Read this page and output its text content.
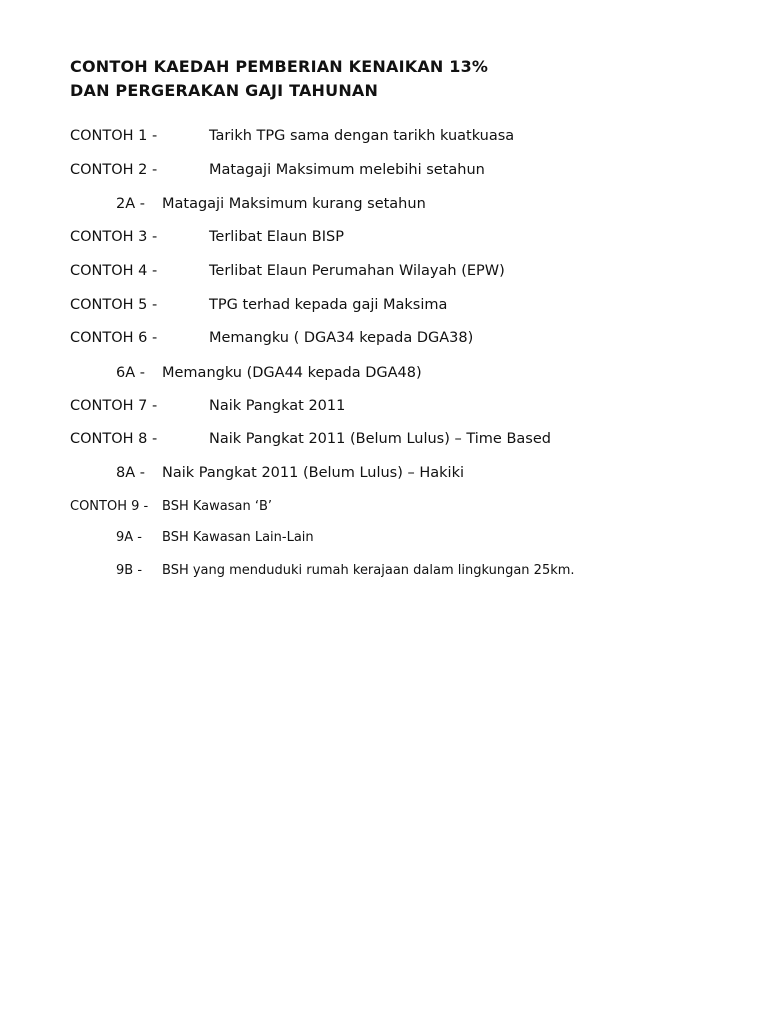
CONTOH KAEDAH PEMBERIAN KENAIKAN 13%
DAN PERGERAKAN GAJI TAHUNAN
CONTOH 1 -	Tarikh TPG sama dengan tarikh kuatkuasa
CONTOH 2 -	Matagaji Maksimum melebihi setahun
2A - Matagaji Maksimum kurang setahun
CONTOH 3 -	Terlibat Elaun BISP
CONTOH 4 -	Terlibat Elaun Perumahan Wilayah (EPW)
CONTOH 5 -	TPG terhad kepada gaji Maksima
CONTOH 6 -	Memangku ( DGA34 kepada DGA38)
6A - Memangku (DGA44 kepada DGA48)
CONTOH 7 -	Naik Pangkat 2011
CONTOH 8 -	Naik Pangkat 2011 (Belum Lulus) – Time Based
8A - Naik Pangkat 2011 (Belum Lulus) – Hakiki
CONTOH 9 - BSH Kawasan ‘B’
9A - BSH Kawasan Lain-Lain
9B - BSH yang menduduki rumah kerajaan dalam lingkungan 25km.
